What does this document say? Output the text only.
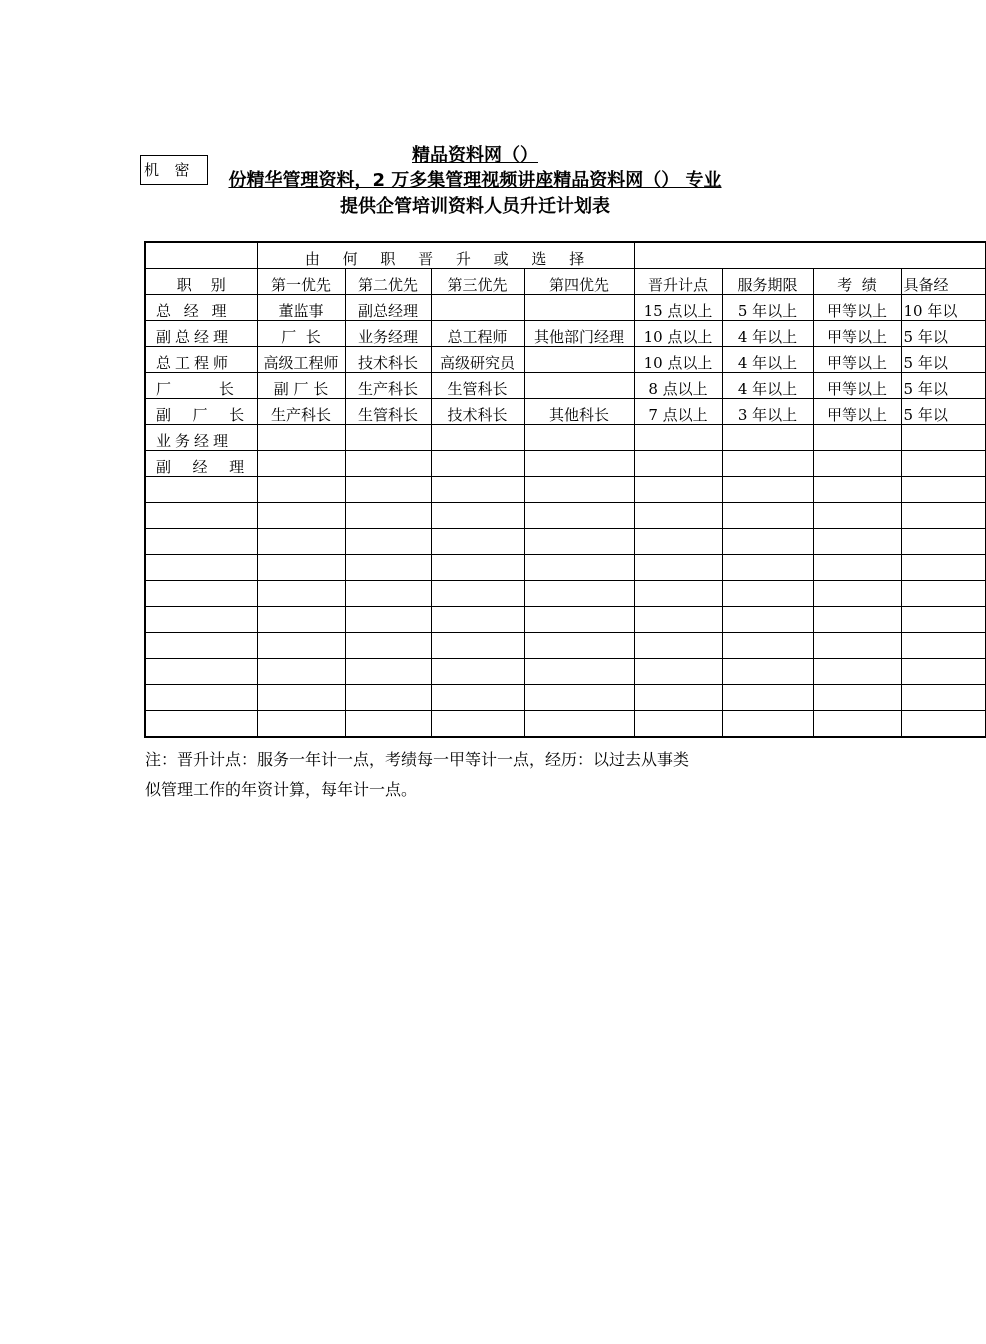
精品资料网（）
份精华管理资料，2 万多集管理视频讲座精品资料网（） 专业
提供企管培训资料人员升迁计划表
机  密
	由 何 职 晋 升 或 选 择							
职    别	第一优先	第二优先	第三优先	第四优先	晋升计点	服务期限	考  绩	具备经
总 经 理	董监事	副总经理			15 点以上	5 年以上	甲等以上	10 年以
副总经理	厂  长	业务经理	总工程师	其他部门经理	10 点以上	4 年以上	甲等以上	5 年以
总工程师	高级工程师	技术科长	高级研究员		10 点以上	4 年以上	甲等以上	5 年以
厂     长	副 厂 长	生产科长	生管科长		8 点以上	4 年以上	甲等以上	5 年以
副  厂  长	生产科长	生管科长	技术科长	其他科长	7 点以上	3 年以上	甲等以上	5 年以
业务经理								
副  经  理								

注：晋升计点：服务一年计一点，考绩每一甲等计一点，经历：以过去从事类
似管理工作的年资计算，每年计一点。
